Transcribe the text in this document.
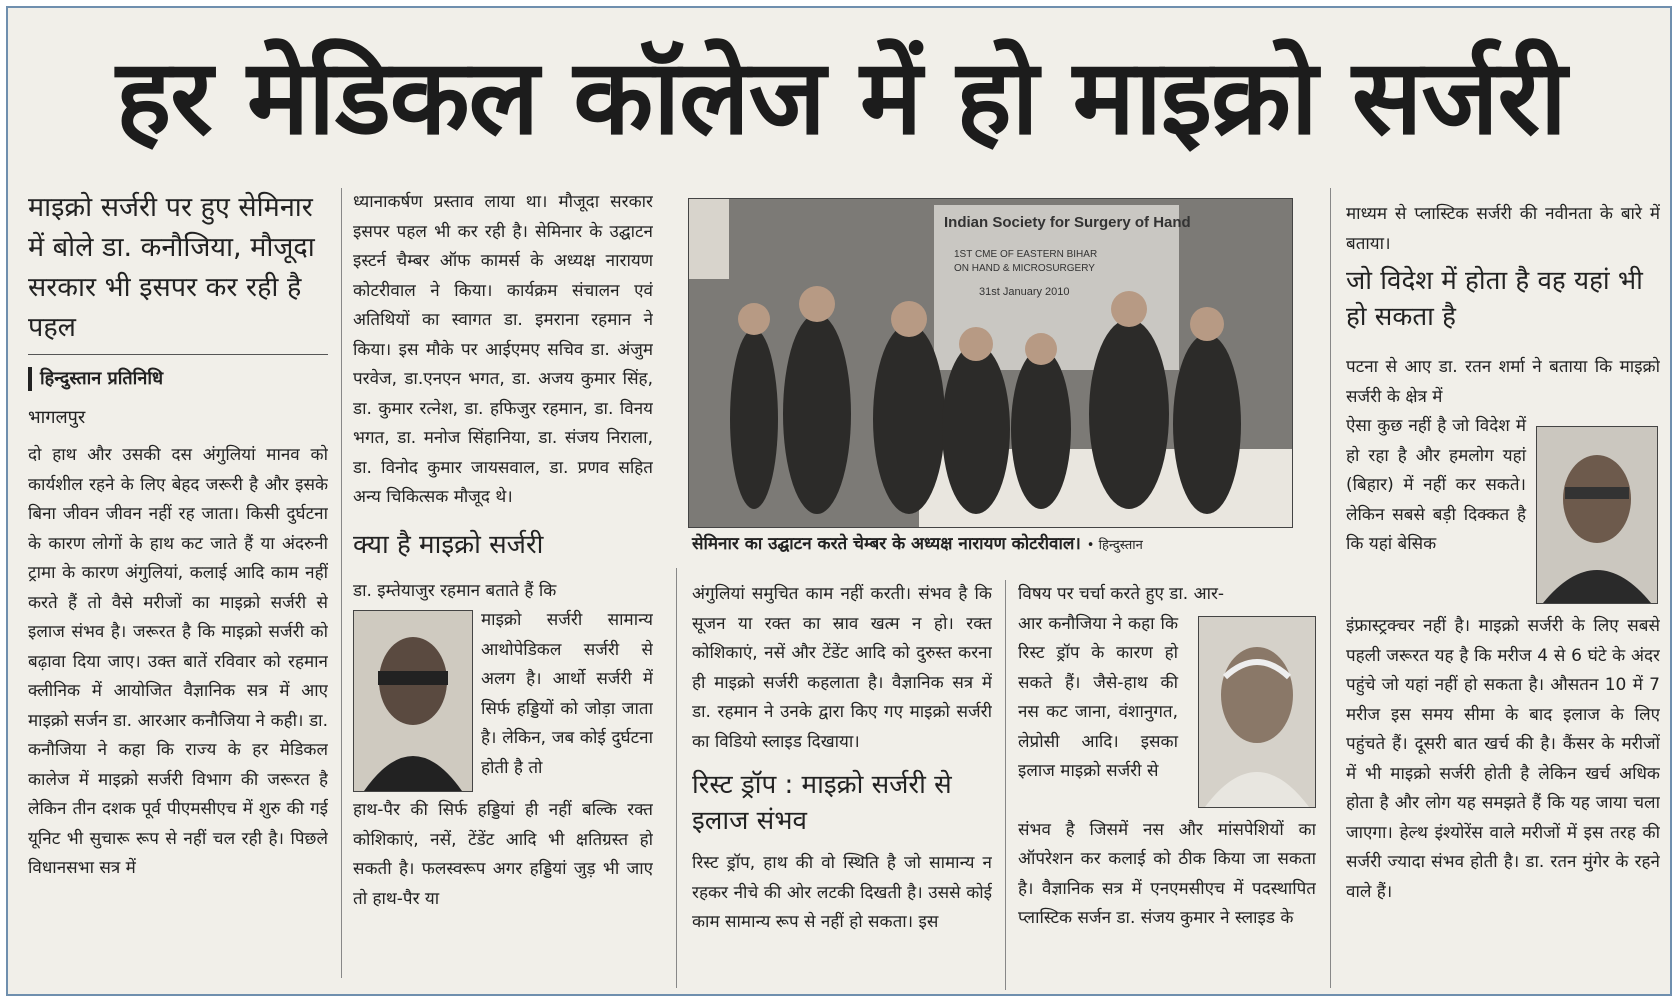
हर मेडिकल कॉलेज में हो माइक्रो सर्जरी
माइक्रो सर्जरी पर हुए सेमिनार में बोले डा. कनौजिया, मौजूदा सरकार भी इसपर कर रही है पहल
हिन्दुस्तान प्रतिनिधि
भागलपुर
दो हाथ और उसकी दस अंगुलियां मानव को कार्यशील रहने के लिए बेहद जरूरी है और इसके बिना जीवन जीवन नहीं रह जाता। किसी दुर्घटना के कारण लोगों के हाथ कट जाते हैं या अंदरुनी ट्रामा के कारण अंगुलियां, कलाई आदि काम नहीं करते हैं तो वैसे मरीजों का माइक्रो सर्जरी से इलाज संभव है। जरूरत है कि माइक्रो सर्जरी को बढ़ावा दिया जाए। उक्त बातें रविवार को रहमान क्लीनिक में आयोजित वैज्ञानिक सत्र में आए माइक्रो सर्जन डा. आरआर कनौजिया ने कही। डा. कनौजिया ने कहा कि राज्य के हर मेडिकल कालेज में माइक्रो सर्जरी विभाग की जरूरत है लेकिन तीन दशक पूर्व पीएमसीएच में शुरु की गई यूनिट भी सुचारू रूप से नहीं चल रही है। पिछले विधानसभा सत्र में
ध्यानाकर्षण प्रस्ताव लाया था। मौजूदा सरकार इसपर पहल भी कर रही है। सेमिनार के उद्घाटन इस्टर्न चैम्बर ऑफ कामर्स के अध्यक्ष नारायण कोटरीवाल ने किया। कार्यक्रम संचालन एवं अतिथियों का स्वागत डा. इमराना रहमान ने किया। इस मौके पर आईएमए सचिव डा. अंजुम परवेज, डा.एनएन भगत, डा. अजय कुमार सिंह, डा. कुमार रत्नेश, डा. हफिजुर रहमान, डा. विनय भगत, डा. मनोज सिंहानिया, डा. संजय निराला, डा. विनोद कुमार जायसवाल, डा. प्रणव सहित अन्य चिकित्सक मौजूद थे।
क्या है माइक्रो सर्जरी
डा. इम्तेयाजुर रहमान बताते हैं कि
माइक्रो सर्जरी सामान्य आथोपेडिकल सर्जरी से अलग है। आर्थो सर्जरी में सिर्फ हड्डियों को जोड़ा जाता है। लेकिन, जब कोई दुर्घटना होती है तो
हाथ-पैर की सिर्फ हड्डियां ही नहीं बल्कि रक्त कोशिकाएं, नसें, टेंडेंट आदि भी क्षतिग्रस्त हो सकती है। फलस्वरूप अगर हड्डियां जुड़ भी जाए तो हाथ-पैर या
Indian Society for Surgery of Hand
1ST CME OF EASTERN BIHAR
ON HAND & MICROSURGERY
31st January 2010
सेमिनार का उद्घाटन करते चेम्बर के अध्यक्ष नारायण कोटरीवाल। • हिन्दुस्तान
अंगुलियां समुचित काम नहीं करती। संभव है कि सूजन या रक्त का स्राव खत्म न हो। रक्त कोशिकाएं, नसें और टेंडेंट आदि को दुरुस्त करना ही माइक्रो सर्जरी कहलाता है। वैज्ञानिक सत्र में डा. रहमान ने उनके द्वारा किए गए माइक्रो सर्जरी का विडियो स्लाइड दिखाया।
रिस्ट ड्रॉप : माइक्रो सर्जरी से इलाज संभव
रिस्ट ड्रॉप, हाथ की वो स्थिति है जो सामान्य न रहकर नीचे की ओर लटकी दिखती है। उससे कोई काम सामान्य रूप से नहीं हो सकता। इस
विषय पर चर्चा करते हुए डा. आर-
आर कनौजिया ने कहा कि रिस्ट ड्रॉप के कारण हो सकते हैं। जैसे-हाथ की नस कट जाना, वंशानुगत, लेप्रोसी आदि। इसका इलाज माइक्रो सर्जरी से
संभव है जिसमें नस और मांसपेशियों का ऑपरेशन कर कलाई को ठीक किया जा सकता है। वैज्ञानिक सत्र में एनएमसीएच में पदस्थापित प्लास्टिक सर्जन डा. संजय कुमार ने स्लाइड के
माध्यम से प्लास्टिक सर्जरी की नवीनता के बारे में बताया।
जो विदेश में होता है वह यहां भी हो सकता है
पटना से आए डा. रतन शर्मा ने बताया कि माइक्रो सर्जरी के क्षेत्र में
ऐसा कुछ नहीं है जो विदेश में हो रहा है और हमलोग यहां (बिहार) में नहीं कर सकते। लेकिन सबसे बड़ी दिक्कत है कि यहां बेसिक
इंफ्रास्ट्रक्चर नहीं है। माइक्रो सर्जरी के लिए सबसे पहली जरूरत यह है कि मरीज 4 से 6 घंटे के अंदर पहुंचे जो यहां नहीं हो सकता है। औसतन 10 में 7 मरीज इस समय सीमा के बाद इलाज के लिए पहुंचते हैं। दूसरी बात खर्च की है। कैंसर के मरीजों में भी माइक्रो सर्जरी होती है लेकिन खर्च अधिक होता है और लोग यह समझते हैं कि यह जाया चला जाएगा। हेल्थ इंश्योरेंस वाले मरीजों में इस तरह की सर्जरी ज्यादा संभव होती है। डा. रतन मुंगेर के रहने वाले हैं।
